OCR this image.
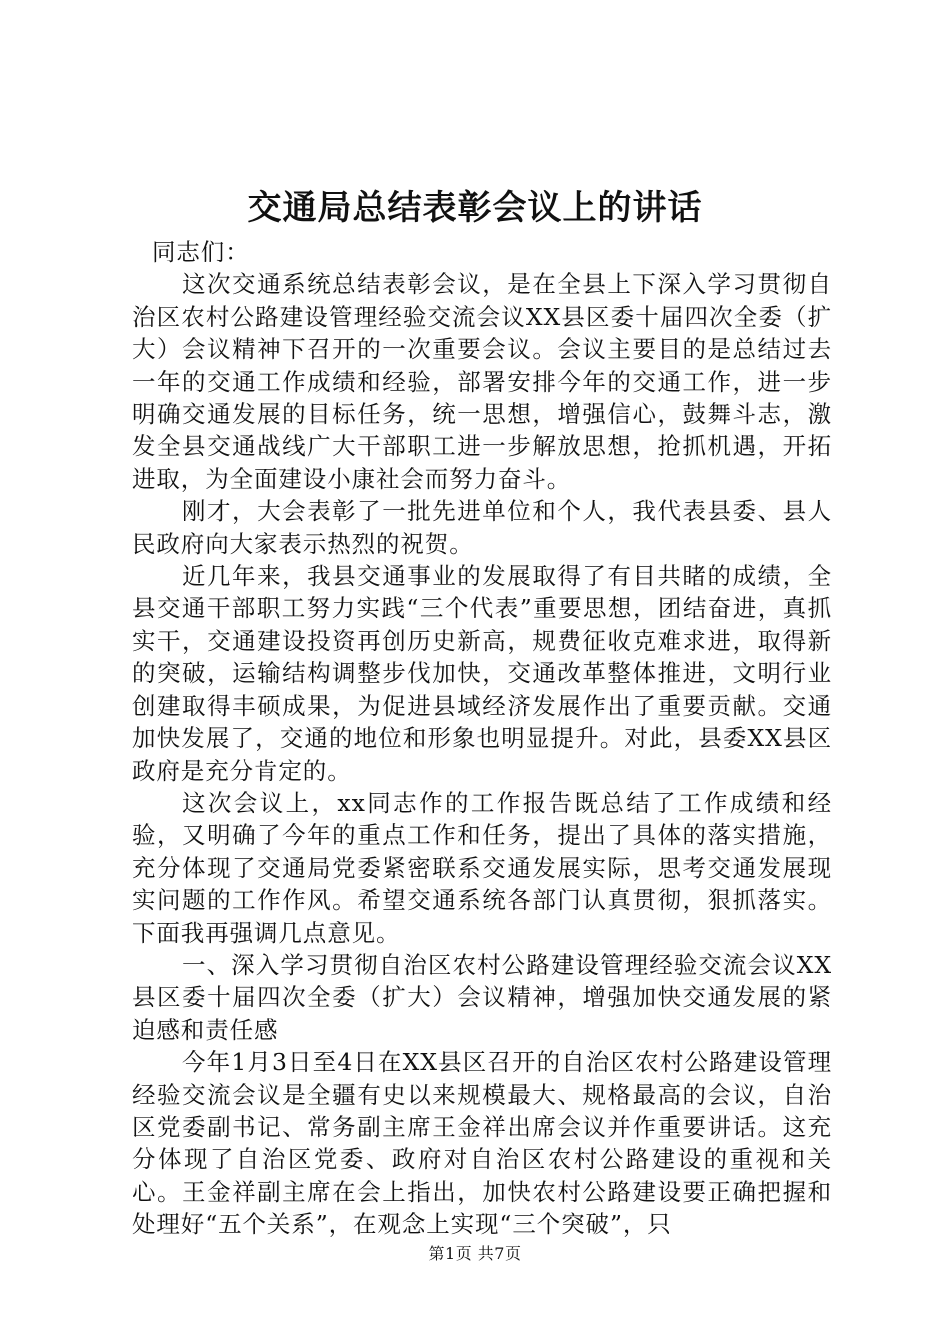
交通局总结表彰会议上的讲话

同志们：

这次交通系统总结表彰会议，是在全县上下深入学习贯彻自治区农村公路建设管理经验交流会议XX县区委十届四次全委（扩大）会议精神下召开的一次重要会议。会议主要目的是总结过去一年的交通工作成绩和经验，部署安排今年的交通工作，进一步明确交通发展的目标任务，统一思想，增强信心，鼓舞斗志，激发全县交通战线广大干部职工进一步解放思想，抢抓机遇，开拓进取，为全面建设小康社会而努力奋斗。

刚才，大会表彰了一批先进单位和个人，我代表县委、县人民政府向大家表示热烈的祝贺。

近几年来，我县交通事业的发展取得了有目共睹的成绩，全县交通干部职工努力实践“三个代表”重要思想，团结奋进，真抓实干，交通建设投资再创历史新高，规费征收克难求进，取得新的突破，运输结构调整步伐加快，交通改革整体推进，文明行业创建取得丰硕成果，为促进县域经济发展作出了重要贡献。交通加快发展了，交通的地位和形象也明显提升。对此，县委XX县区政府是充分肯定的。

这次会议上，xx同志作的工作报告既总结了工作成绩和经验，又明确了今年的重点工作和任务，提出了具体的落实措施，充分体现了交通局党委紧密联系交通发展实际，思考交通发展现实问题的工作作风。希望交通系统各部门认真贯彻，狠抓落实。下面我再强调几点意见。

一、深入学习贯彻自治区农村公路建设管理经验交流会议XX县区委十届四次全委（扩大）会议精神，增强加快交通发展的紧迫感和责任感

今年1月3日至4日在XX县区召开的自治区农村公路建设管理经验交流会议是全疆有史以来规模最大、规格最高的会议，自治区党委副书记、常务副主席王金祥出席会议并作重要讲话。这充分体现了自治区党委、政府对自治区农村公路建设的重视和关心。王金祥副主席在会上指出，加快农村公路建设要正确把握和处理好“五个关系”，在观念上实现“三个突破”，只

第1页 共7页
